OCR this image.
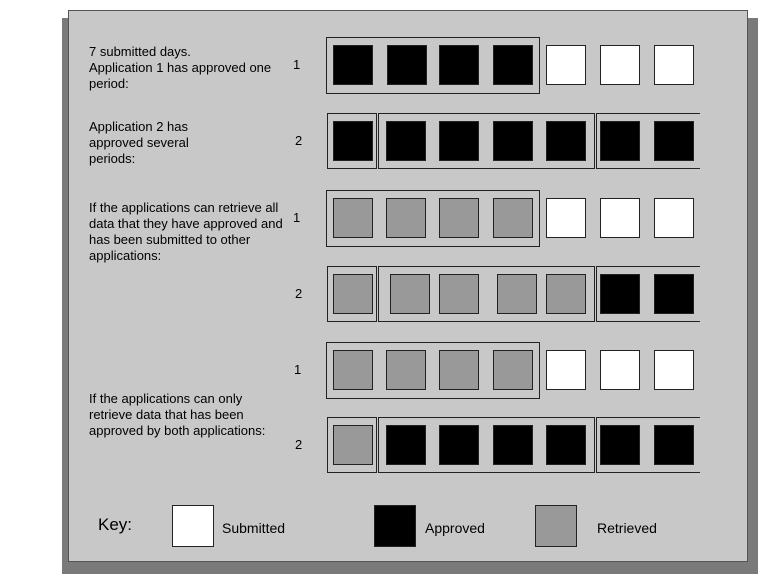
7 submitted days.
Application 1 has approved one period:
Application 2 has approved several periods:
If the applications can retrieve all data that they have approved and has been submitted to other applications:
If the applications can only retrieve data that has been approved by both applications:
1
2
1
2
1
2
Key:	Submitted	Approved	Retrieved
